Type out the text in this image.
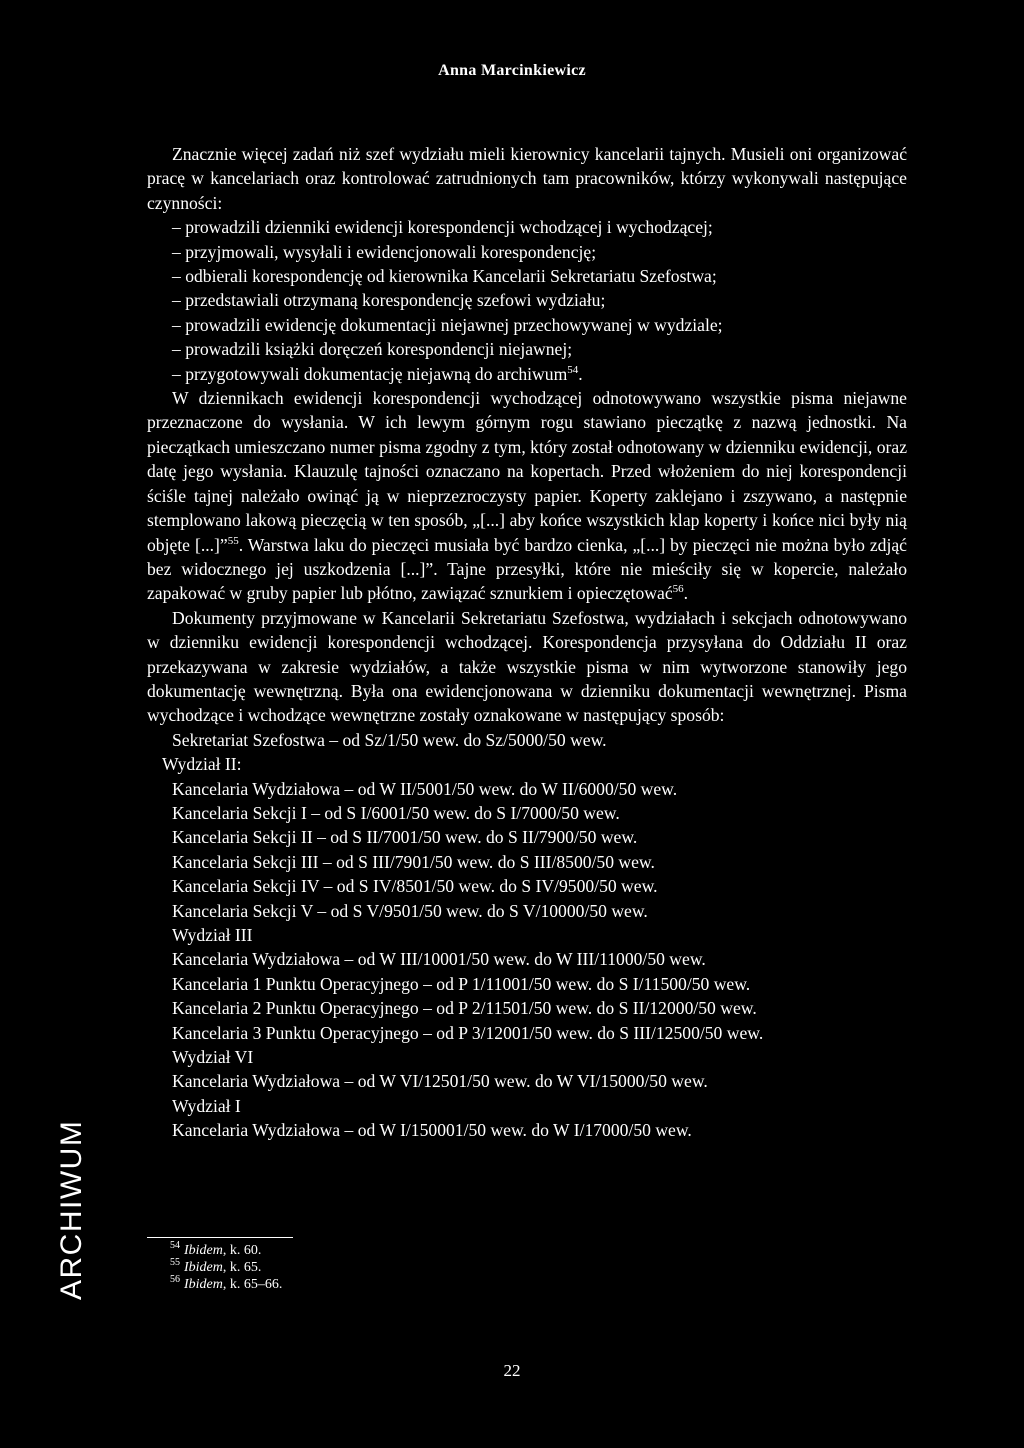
Anna Marcinkiewicz

Znacznie więcej zadań niż szef wydziału mieli kierownicy kancelarii tajnych. Musieli oni organizować pracę w kancelariach oraz kontrolować zatrudnionych tam pracowników, którzy wykonywali następujące czynności:

– prowadzili dzienniki ewidencji korespondencji wchodzącej i wychodzącej;

– przyjmowali, wysyłali i ewidencjonowali korespondencję;

– odbierali korespondencję od kierownika Kancelarii Sekretariatu Szefostwa;

– przedstawiali otrzymaną korespondencję szefowi wydziału;

– prowadzili ewidencję dokumentacji niejawnej przechowywanej w wydziale;

– prowadzili książki doręczeń korespondencji niejawnej;

– przygotowywali dokumentację niejawną do archiwum$^{54}$.

W dziennikach ewidencji korespondencji wychodzącej odnotowywano wszystkie pisma niejawne przeznaczone do wysłania. W ich lewym górnym rogu stawiano pieczątkę z nazwą jednostki. Na pieczątkach umieszczano numer pisma zgodny z tym, który został odnotowany w dzienniku ewidencji, oraz datę jego wysłania. Klauzulę tajności oznaczano na kopertach. Przed włożeniem do niej korespondencji ściśle tajnej należało owinąć ją w nieprzezroczysty papier. Koperty zaklejano i zszywano, a następnie stemplowano lakową pieczęcią w ten sposób, „[...] aby końce wszystkich klap koperty i końce nici były nią objęte [...]”$^{55}$. Warstwa laku do pieczęci musiała być bardzo cienka, „[...] by pieczęci nie można było zdjąć bez widocznego jej uszkodzenia [...]”. Tajne przesyłki, które nie mieściły się w kopercie, należało zapakować w gruby papier lub płótno, zawiązać sznurkiem i opieczętować$^{56}$.

Dokumenty przyjmowane w Kancelarii Sekretariatu Szefostwa, wydziałach i sekcjach odnotowywano w dzienniku ewidencji korespondencji wchodzącej. Korespondencja przysyłana do Oddziału II oraz przekazywana w zakresie wydziałów, a także wszystkie pisma w nim wytworzone stanowiły jego dokumentację wewnętrzną. Była ona ewidencjonowana w dzienniku dokumentacji wewnętrznej. Pisma wychodzące i wchodzące wewnętrzne zostały oznakowane w następujący sposób:

Sekretariat Szefostwa – od Sz/1/50 wew. do Sz/5000/50 wew.

Wydział II:

Kancelaria Wydziałowa – od W II/5001/50 wew. do W II/6000/50 wew.

Kancelaria Sekcji I – od S I/6001/50 wew. do S I/7000/50 wew.

Kancelaria Sekcji II – od S II/7001/50 wew. do S II/7900/50 wew.

Kancelaria Sekcji III – od S III/7901/50 wew. do S III/8500/50 wew.

Kancelaria Sekcji IV – od S IV/8501/50 wew. do S IV/9500/50 wew.

Kancelaria Sekcji V – od S V/9501/50 wew. do S V/10000/50 wew.

Wydział III

Kancelaria Wydziałowa – od W III/10001/50 wew. do W III/11000/50 wew.

Kancelaria 1 Punktu Operacyjnego – od P 1/11001/50 wew. do S I/11500/50 wew.

Kancelaria 2 Punktu Operacyjnego – od P 2/11501/50 wew. do S II/12000/50 wew.

Kancelaria 3 Punktu Operacyjnego – od P 3/12001/50 wew. do S III/12500/50 wew.

Wydział VI

Kancelaria Wydziałowa – od W VI/12501/50 wew. do W VI/15000/50 wew.

Wydział I

Kancelaria Wydziałowa – od W I/150001/50 wew. do W I/17000/50 wew.

$^{54}$ Ibidem, k. 60.
$^{55}$ Ibidem, k. 65.
$^{56}$ Ibidem, k. 65–66.
ARCHIWUM
22
